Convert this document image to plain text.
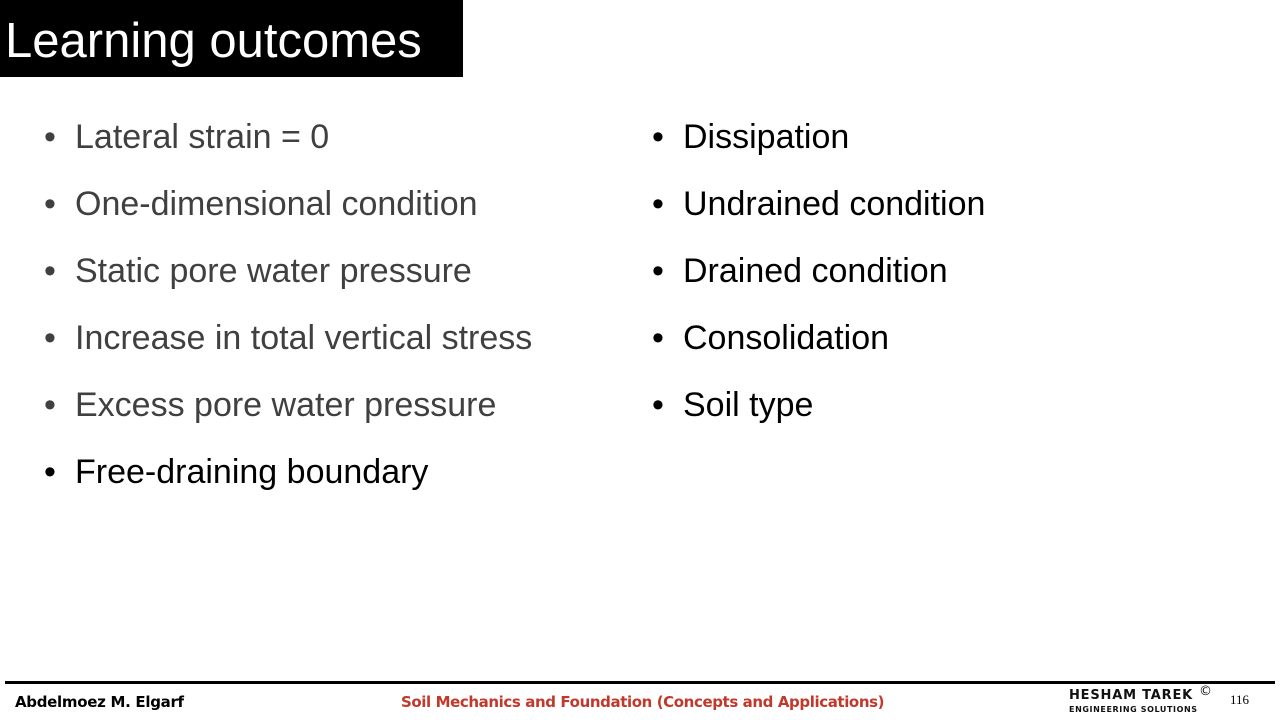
Learning outcomes
• Lateral strain = 0
• One-dimensional condition
• Static pore water pressure
• Increase in total vertical stress
• Excess pore water pressure
• Free-draining boundary
• Dissipation
• Undrained condition
• Drained condition
• Consolidation
• Soil type
Abdelmoez M. Elgarf	Soil Mechanics and Foundation (Concepts and Applications)	HESHAM TAREK ©
ENGINEERING SOLUTIONS
116
